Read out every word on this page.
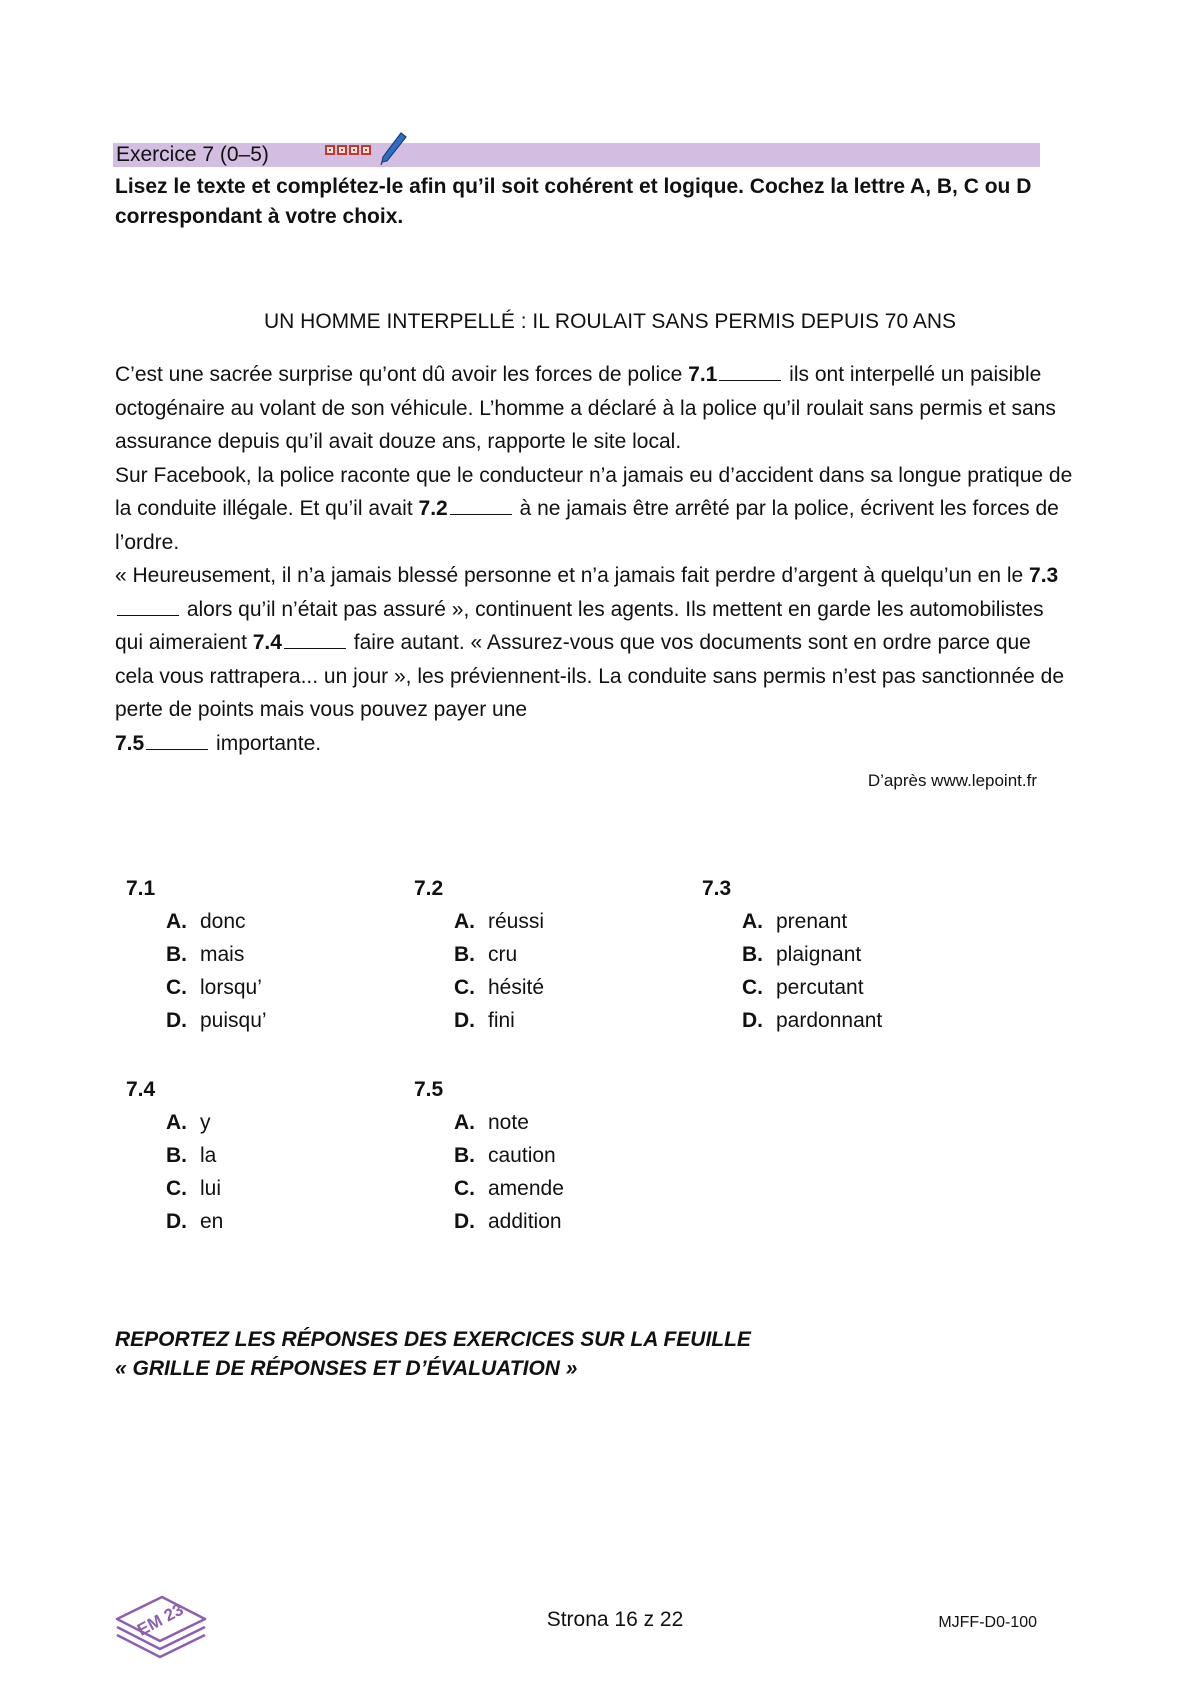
Exercice 7 (0–5)
Lisez le texte et complétez-le afin qu’il soit cohérent et logique. Cochez la lettre A, B, C ou D correspondant à votre choix.
UN HOMME INTERPELLÉ : IL ROULAIT SANS PERMIS DEPUIS 70 ANS

C’est une sacrée surprise qu’ont dû avoir les forces de police 7.1	ils ont interpellé un paisible octogénaire au volant de son véhicule. L’homme a déclaré à la police qu’il roulait sans permis et sans assurance depuis qu’il avait douze ans, rapporte le site local.

Sur Facebook, la police raconte que le conducteur n’a jamais eu d’accident dans sa longue pratique de la conduite illégale. Et qu’il avait 7.2	à ne jamais être arrêté par la police, écrivent les forces de l’ordre.

« Heureusement, il n’a jamais blessé personne et n’a jamais fait perdre d’argent à quelqu’un en le 7.3 alors qu’il n’était pas assuré », continuent les agents. Ils mettent en garde les automobilistes qui aimeraient 7.4	faire autant. « Assurez-vous que vos documents sont en ordre parce que cela vous rattrapera... un jour », les préviennent-ils. La conduite sans permis n’est pas sanctionnée de perte de points mais vous pouvez payer une
7.5	importante.

D’après www.lepoint.fr
7.1
A. donc
B. mais
C. lorsqu’
D. puisqu’
7.2
A. réussi
B. cru
C. hésité
D. fini
7.3
A. prenant
B. plaignant
C. percutant
D. pardonnant
7.4
A. y
B. la
C. lui
D. en
7.5
A. note
B. caution
C. amende
D. addition
REPORTEZ LES RÉPONSES DES EXERCICES SUR LA FEUILLE
« GRILLE DE RÉPONSES ET D’ÉVALUATION »
EM 23	Strona 16 z 22	MJFF-D0-100
